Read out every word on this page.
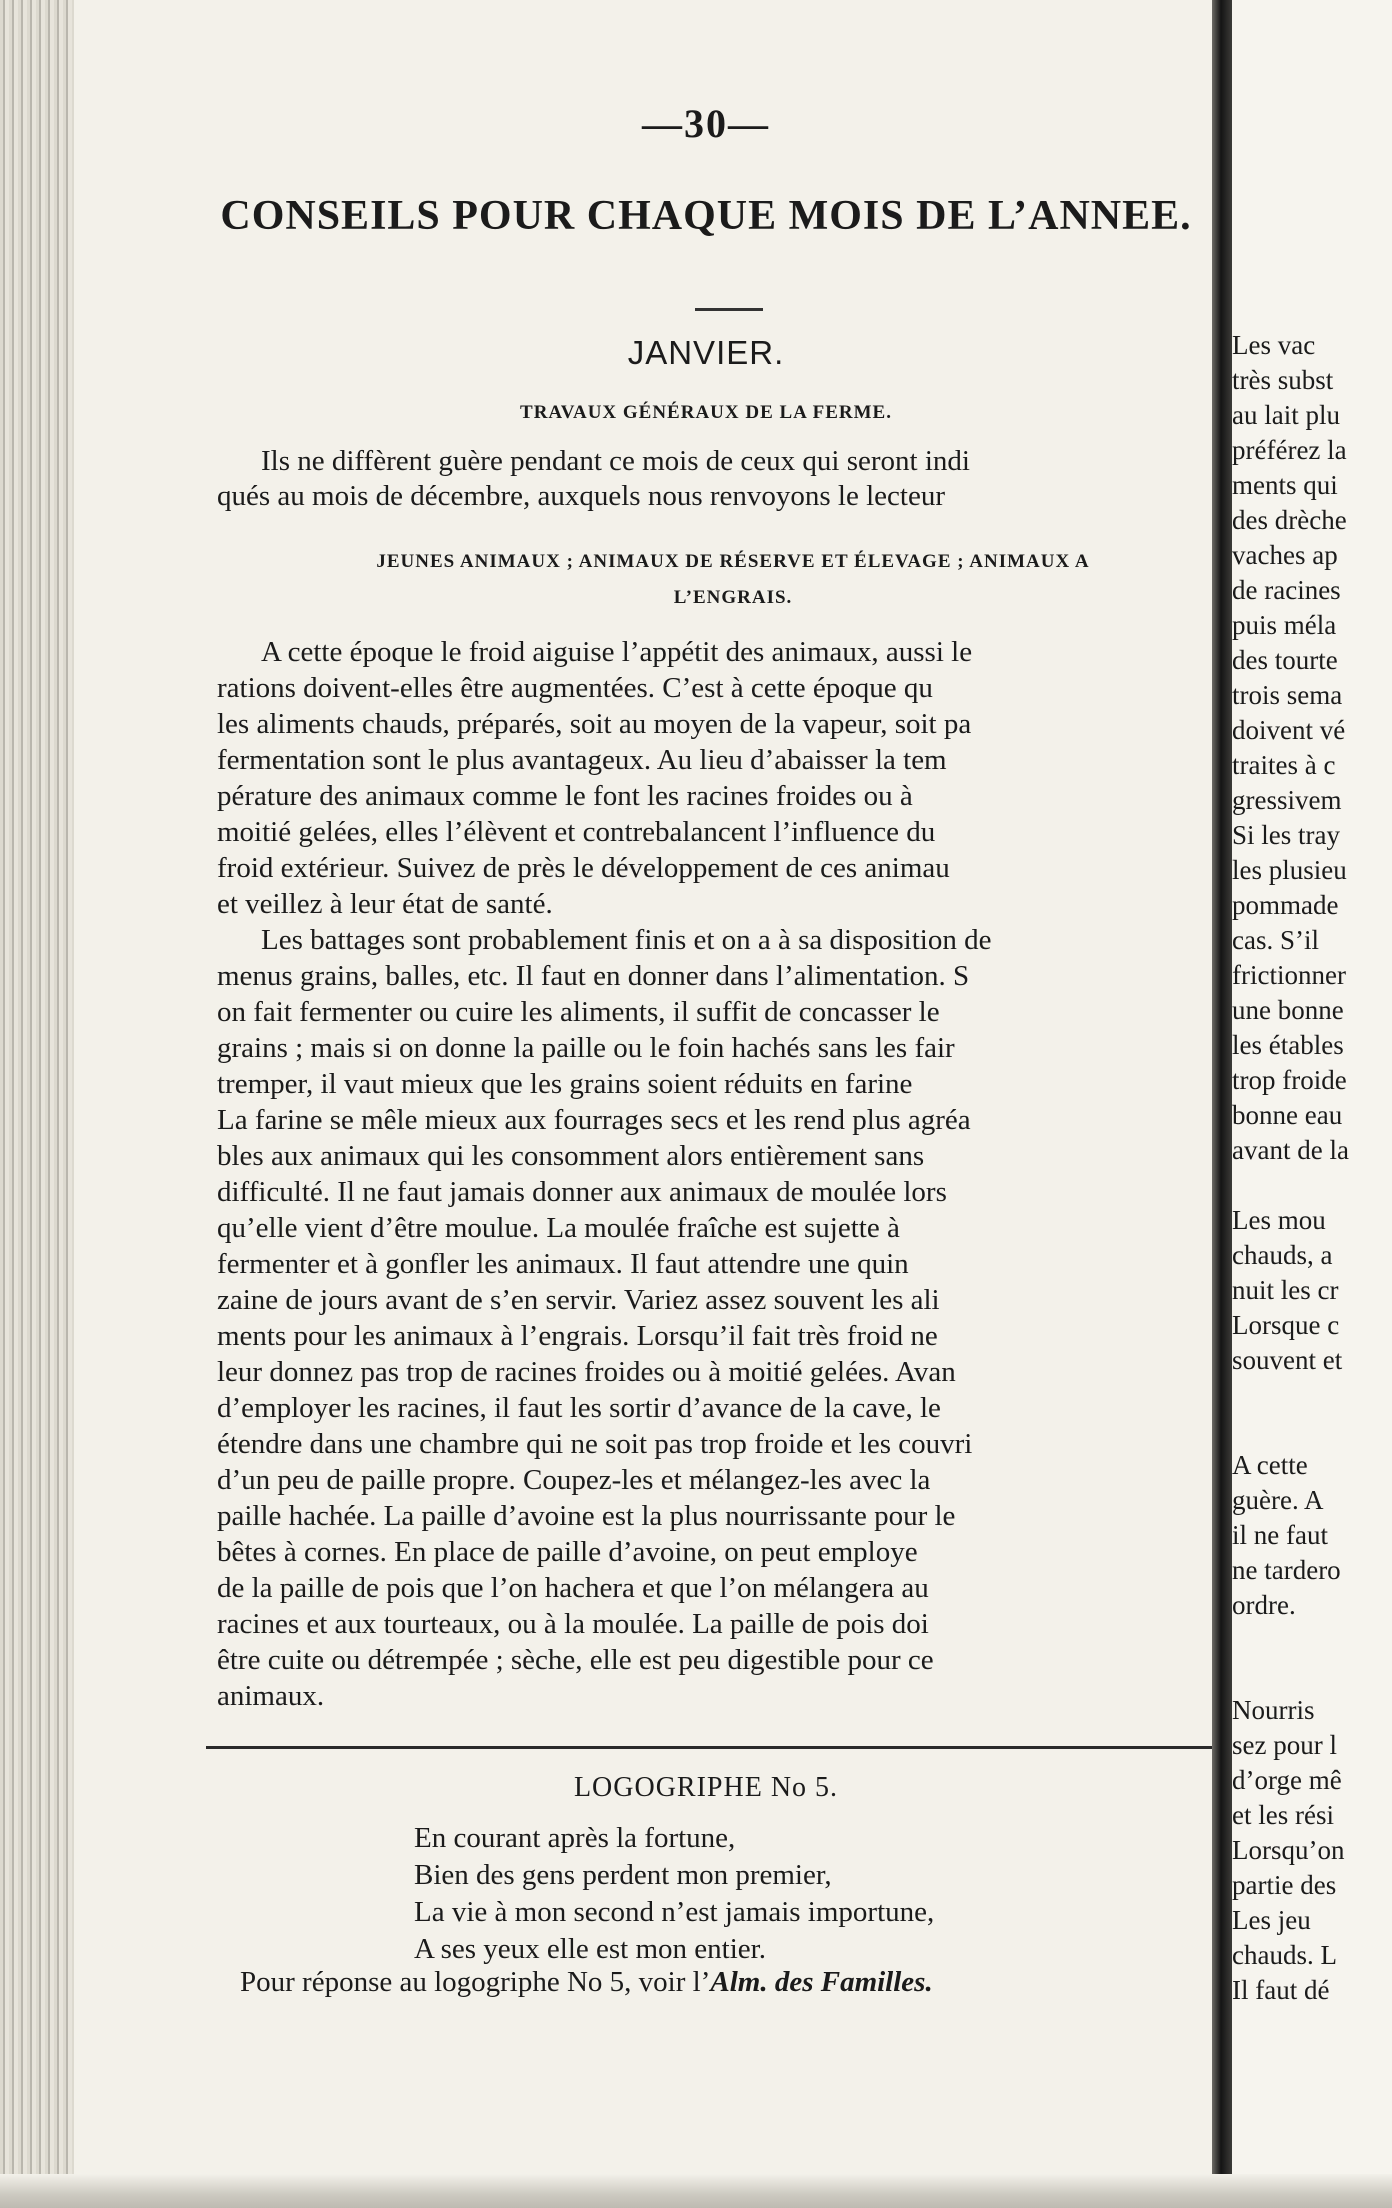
—30—
CONSEILS POUR CHAQUE MOIS DE L’ANNEE.
JANVIER.
TRAVAUX GÉNÉRAUX DE LA FERME.
Ils ne diffèrent guère pendant ce mois de ceux qui seront indi
qués au mois de décembre, auxquels nous renvoyons le lecteur
JEUNES ANIMAUX ; ANIMAUX DE RÉSERVE ET ÉLEVAGE ; ANIMAUX A
L’ENGRAIS.
A cette époque le froid aiguise l’appétit des animaux, aussi le
rations doivent-elles être augmentées. C’est à cette époque qu
les aliments chauds, préparés, soit au moyen de la vapeur, soit pa
fermentation sont le plus avantageux. Au lieu d’abaisser la tem
pérature des animaux comme le font les racines froides ou à
moitié gelées, elles l’élèvent et contrebalancent l’influence du
froid extérieur. Suivez de près le développement de ces animau
et veillez à leur état de santé.
Les battages sont probablement finis et on a à sa disposition de
menus grains, balles, etc. Il faut en donner dans l’alimentation. S
on fait fermenter ou cuire les aliments, il suffit de concasser le
grains ; mais si on donne la paille ou le foin hachés sans les fair
tremper, il vaut mieux que les grains soient réduits en farine
La farine se mêle mieux aux fourrages secs et les rend plus agréa
bles aux animaux qui les consomment alors entièrement sans
difficulté. Il ne faut jamais donner aux animaux de moulée lors
qu’elle vient d’être moulue. La moulée fraîche est sujette à
fermenter et à gonfler les animaux. Il faut attendre une quin
zaine de jours avant de s’en servir. Variez assez souvent les ali
ments pour les animaux à l’engrais. Lorsqu’il fait très froid ne
leur donnez pas trop de racines froides ou à moitié gelées. Avan
d’employer les racines, il faut les sortir d’avance de la cave, le
étendre dans une chambre qui ne soit pas trop froide et les couvri
d’un peu de paille propre. Coupez-les et mélangez-les avec la
paille hachée. La paille d’avoine est la plus nourrissante pour le
bêtes à cornes. En place de paille d’avoine, on peut employe
de la paille de pois que l’on hachera et que l’on mélangera au
racines et aux tourteaux, ou à la moulée. La paille de pois doi
être cuite ou détrempée ; sèche, elle est peu digestible pour ce
animaux.
LOGOGRIPHE No 5.
En courant après la fortune,
Bien des gens perdent mon premier,
La vie à mon second n’est jamais importune,
A ses yeux elle est mon entier.
Pour réponse au logogriphe No 5, voir l’Alm. des Familles.
Les vac
très subst
au lait plu
préférez la
ments qui
des drèche
vaches ap
de racines
puis méla
des tourte
trois sema
doivent vé
traites à c
gressivem
Si les tray
les plusieu
pommade
cas. S’il
frictionner
une bonne
les étables
trop froide
bonne eau
avant de la
Les mou
chauds, a
nuit les cr
Lorsque c
souvent et
A cette
guère. A
il ne faut
ne tardero
ordre.
Nourris
sez pour l
d’orge mê
et les rési
Lorsqu’on
partie des
Les jeu
chauds. L
Il faut dé
